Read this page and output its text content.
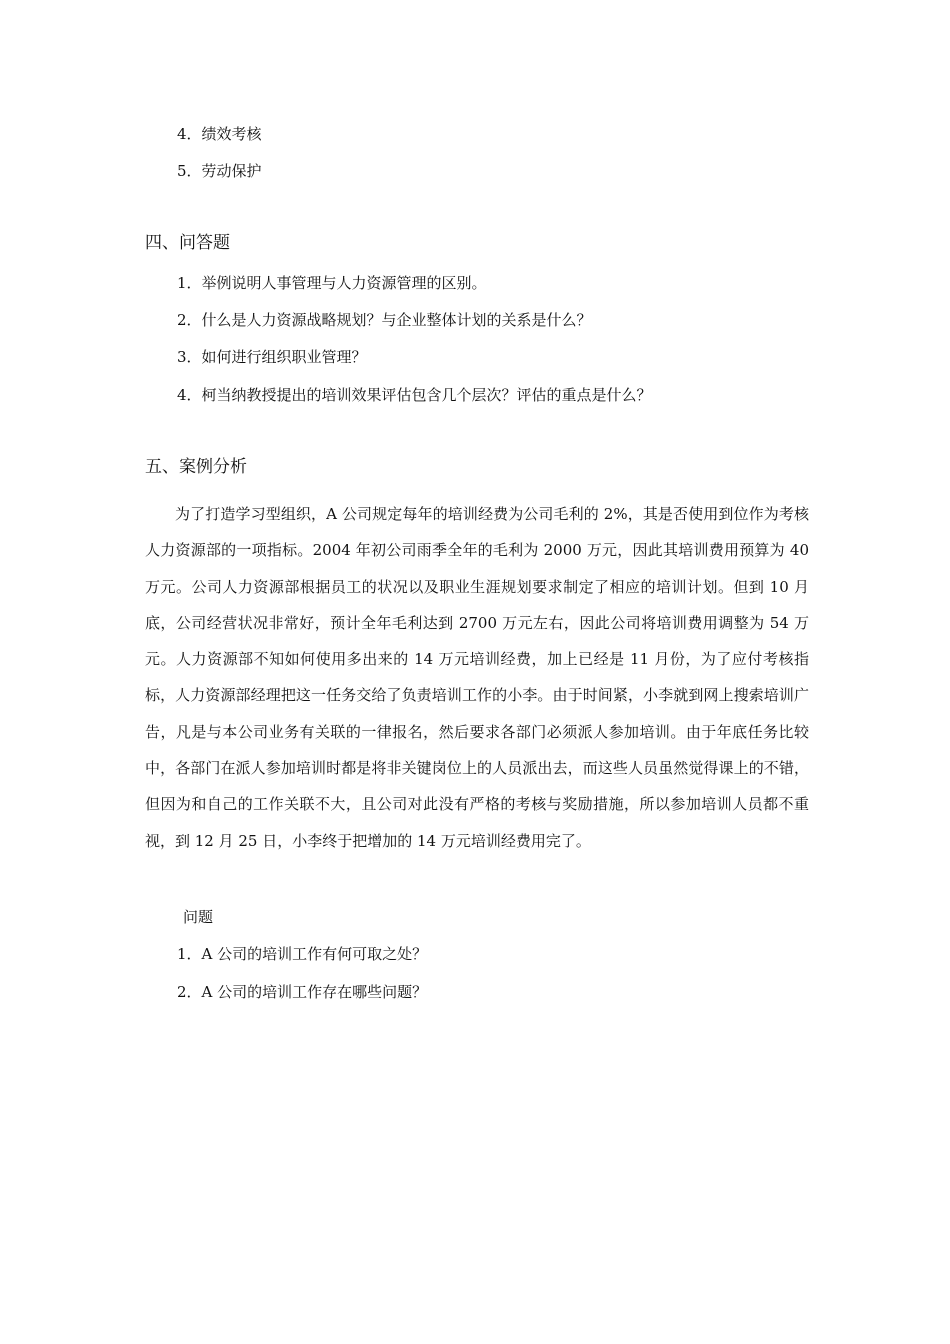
4．绩效考核
5．劳动保护
四、问答题
1．举例说明人事管理与人力资源管理的区别。
2．什么是人力资源战略规划？与企业整体计划的关系是什么？
3．如何进行组织职业管理？
4．柯当纳教授提出的培训效果评估包含几个层次？评估的重点是什么？
五、案例分析
为了打造学习型组织，A 公司规定每年的培训经费为公司毛利的 2%，其是否使用到位作为考核人力资源部的一项指标。2004 年初公司雨季全年的毛利为 2000 万元，因此其培训费用预算为 40 万元。公司人力资源部根据员工的状况以及职业生涯规划要求制定了相应的培训计划。但到 10 月底，公司经营状况非常好，预计全年毛利达到 2700 万元左右，因此公司将培训费用调整为 54 万元。人力资源部不知如何使用多出来的 14 万元培训经费，加上已经是 11 月份，为了应付考核指标，人力资源部经理把这一任务交给了负责培训工作的小李。由于时间紧，小李就到网上搜索培训广告，凡是与本公司业务有关联的一律报名，然后要求各部门必须派人参加培训。由于年底任务比较中，各部门在派人参加培训时都是将非关键岗位上的人员派出去，而这些人员虽然觉得课上的不错，但因为和自己的工作关联不大，且公司对此没有严格的考核与奖励措施，所以参加培训人员都不重视，到 12 月 25 日，小李终于把增加的 14 万元培训经费用完了。
问题
1．A 公司的培训工作有何可取之处？
2．A 公司的培训工作存在哪些问题？
